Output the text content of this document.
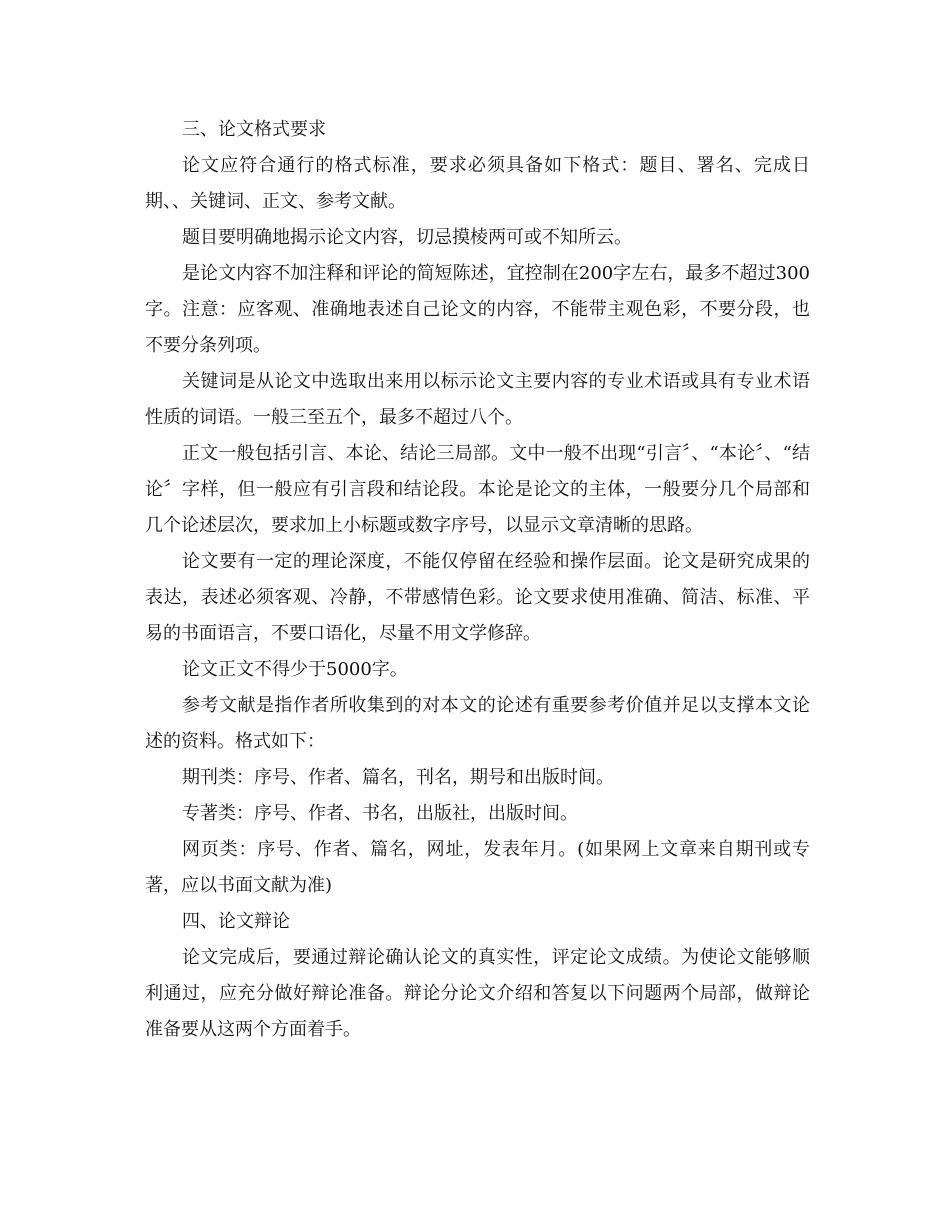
三、论文格式要求

论文应符合通行的格式标准，要求必须具备如下格式：题目、署名、完成日期、、关键词、正文、参考文献。

题目要明确地揭示论文内容，切忌摸棱两可或不知所云。

是论文内容不加注释和评论的简短陈述，宜控制在200字左右，最多不超过300字。注意：应客观、准确地表述自己论文的内容，不能带主观色彩，不要分段，也不要分条列项。

关键词是从论文中选取出来用以标示论文主要内容的专业术语或具有专业术语性质的词语。一般三至五个，最多不超过八个。

正文一般包括引言、本论、结论三局部。文中一般不出现“引言〞、“本论〞、“结论〞字样，但一般应有引言段和结论段。本论是论文的主体，一般要分几个局部和几个论述层次，要求加上小标题或数字序号，以显示文章清晰的思路。

论文要有一定的理论深度，不能仅停留在经验和操作层面。论文是研究成果的表达，表述必须客观、冷静，不带感情色彩。论文要求使用准确、简洁、标准、平易的书面语言，不要口语化，尽量不用文学修辞。

论文正文不得少于5000字。

参考文献是指作者所收集到的对本文的论述有重要参考价值并足以支撑本文论述的资料。格式如下：

期刊类：序号、作者、篇名，刊名，期号和出版时间。

专著类：序号、作者、书名，出版社，出版时间。

网页类：序号、作者、篇名，网址，发表年月。(如果网上文章来自期刊或专著，应以书面文献为准)

四、论文辩论

论文完成后，要通过辩论确认论文的真实性，评定论文成绩。为使论文能够顺利通过，应充分做好辩论准备。辩论分论文介绍和答复以下问题两个局部，做辩论准备要从这两个方面着手。
